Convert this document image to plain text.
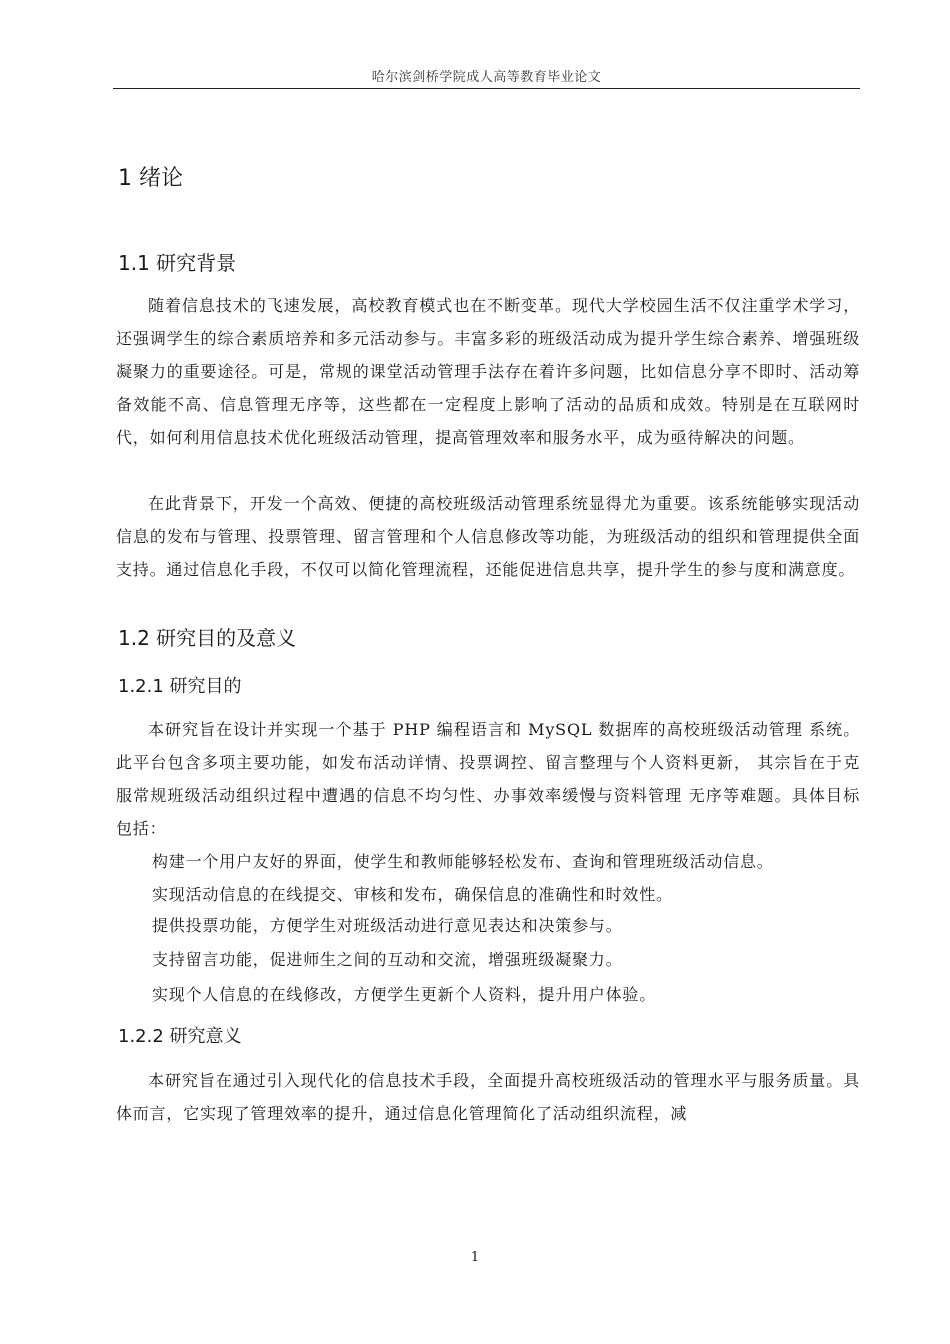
哈尔滨剑桥学院成人高等教育毕业论文
1 绪论
1.1 研究背景

随着信息技术的飞速发展，高校教育模式也在不断变革。现代大学校园生活不仅注重学术学习，还强调学生的综合素质培养和多元活动参与。丰富多彩的班级活动成为提升学生综合素养、增强班级凝聚力的重要途径。可是，常规的课堂活动管理手法存在着许多问题，比如信息分享不即时、活动筹备效能不高、信息管理无序等，这些都在一定程度上影响了活动的品质和成效。特别是在互联网时代，如何利用信息技术优化班级活动管理，提高管理效率和服务水平，成为亟待解决的问题。

在此背景下，开发一个高效、便捷的高校班级活动管理系统显得尤为重要。该系统能够实现活动信息的发布与管理、投票管理、留言管理和个人信息修改等功能，为班级活动的组织和管理提供全面支持。通过信息化手段，不仅可以简化管理流程，还能促进信息共享，提升学生的参与度和满意度。

1.2 研究目的及意义
1.2.1 研究目的

本研究旨在设计并实现一个基于 PHP 编程语言和 MySQL 数据库的高校班级活动管理 系统。此平台包含多项主要功能，如发布活动详情、投票调控、留言整理与个人资料更新， 其宗旨在于克服常规班级活动组织过程中遭遇的信息不均匀性、办事效率缓慢与资料管理 无序等难题。具体目标包括：

构建一个用户友好的界面，使学生和教师能够轻松发布、查询和管理班级活动信息。

实现活动信息的在线提交、审核和发布，确保信息的准确性和时效性。

提供投票功能，方便学生对班级活动进行意见表达和决策参与。

支持留言功能，促进师生之间的互动和交流，增强班级凝聚力。

实现个人信息的在线修改，方便学生更新个人资料，提升用户体验。

1.2.2 研究意义

本研究旨在通过引入现代化的信息技术手段，全面提升高校班级活动的管理水平与服务质量。具体而言，它实现了管理效率的提升，通过信息化管理简化了活动组织流程，减

1
